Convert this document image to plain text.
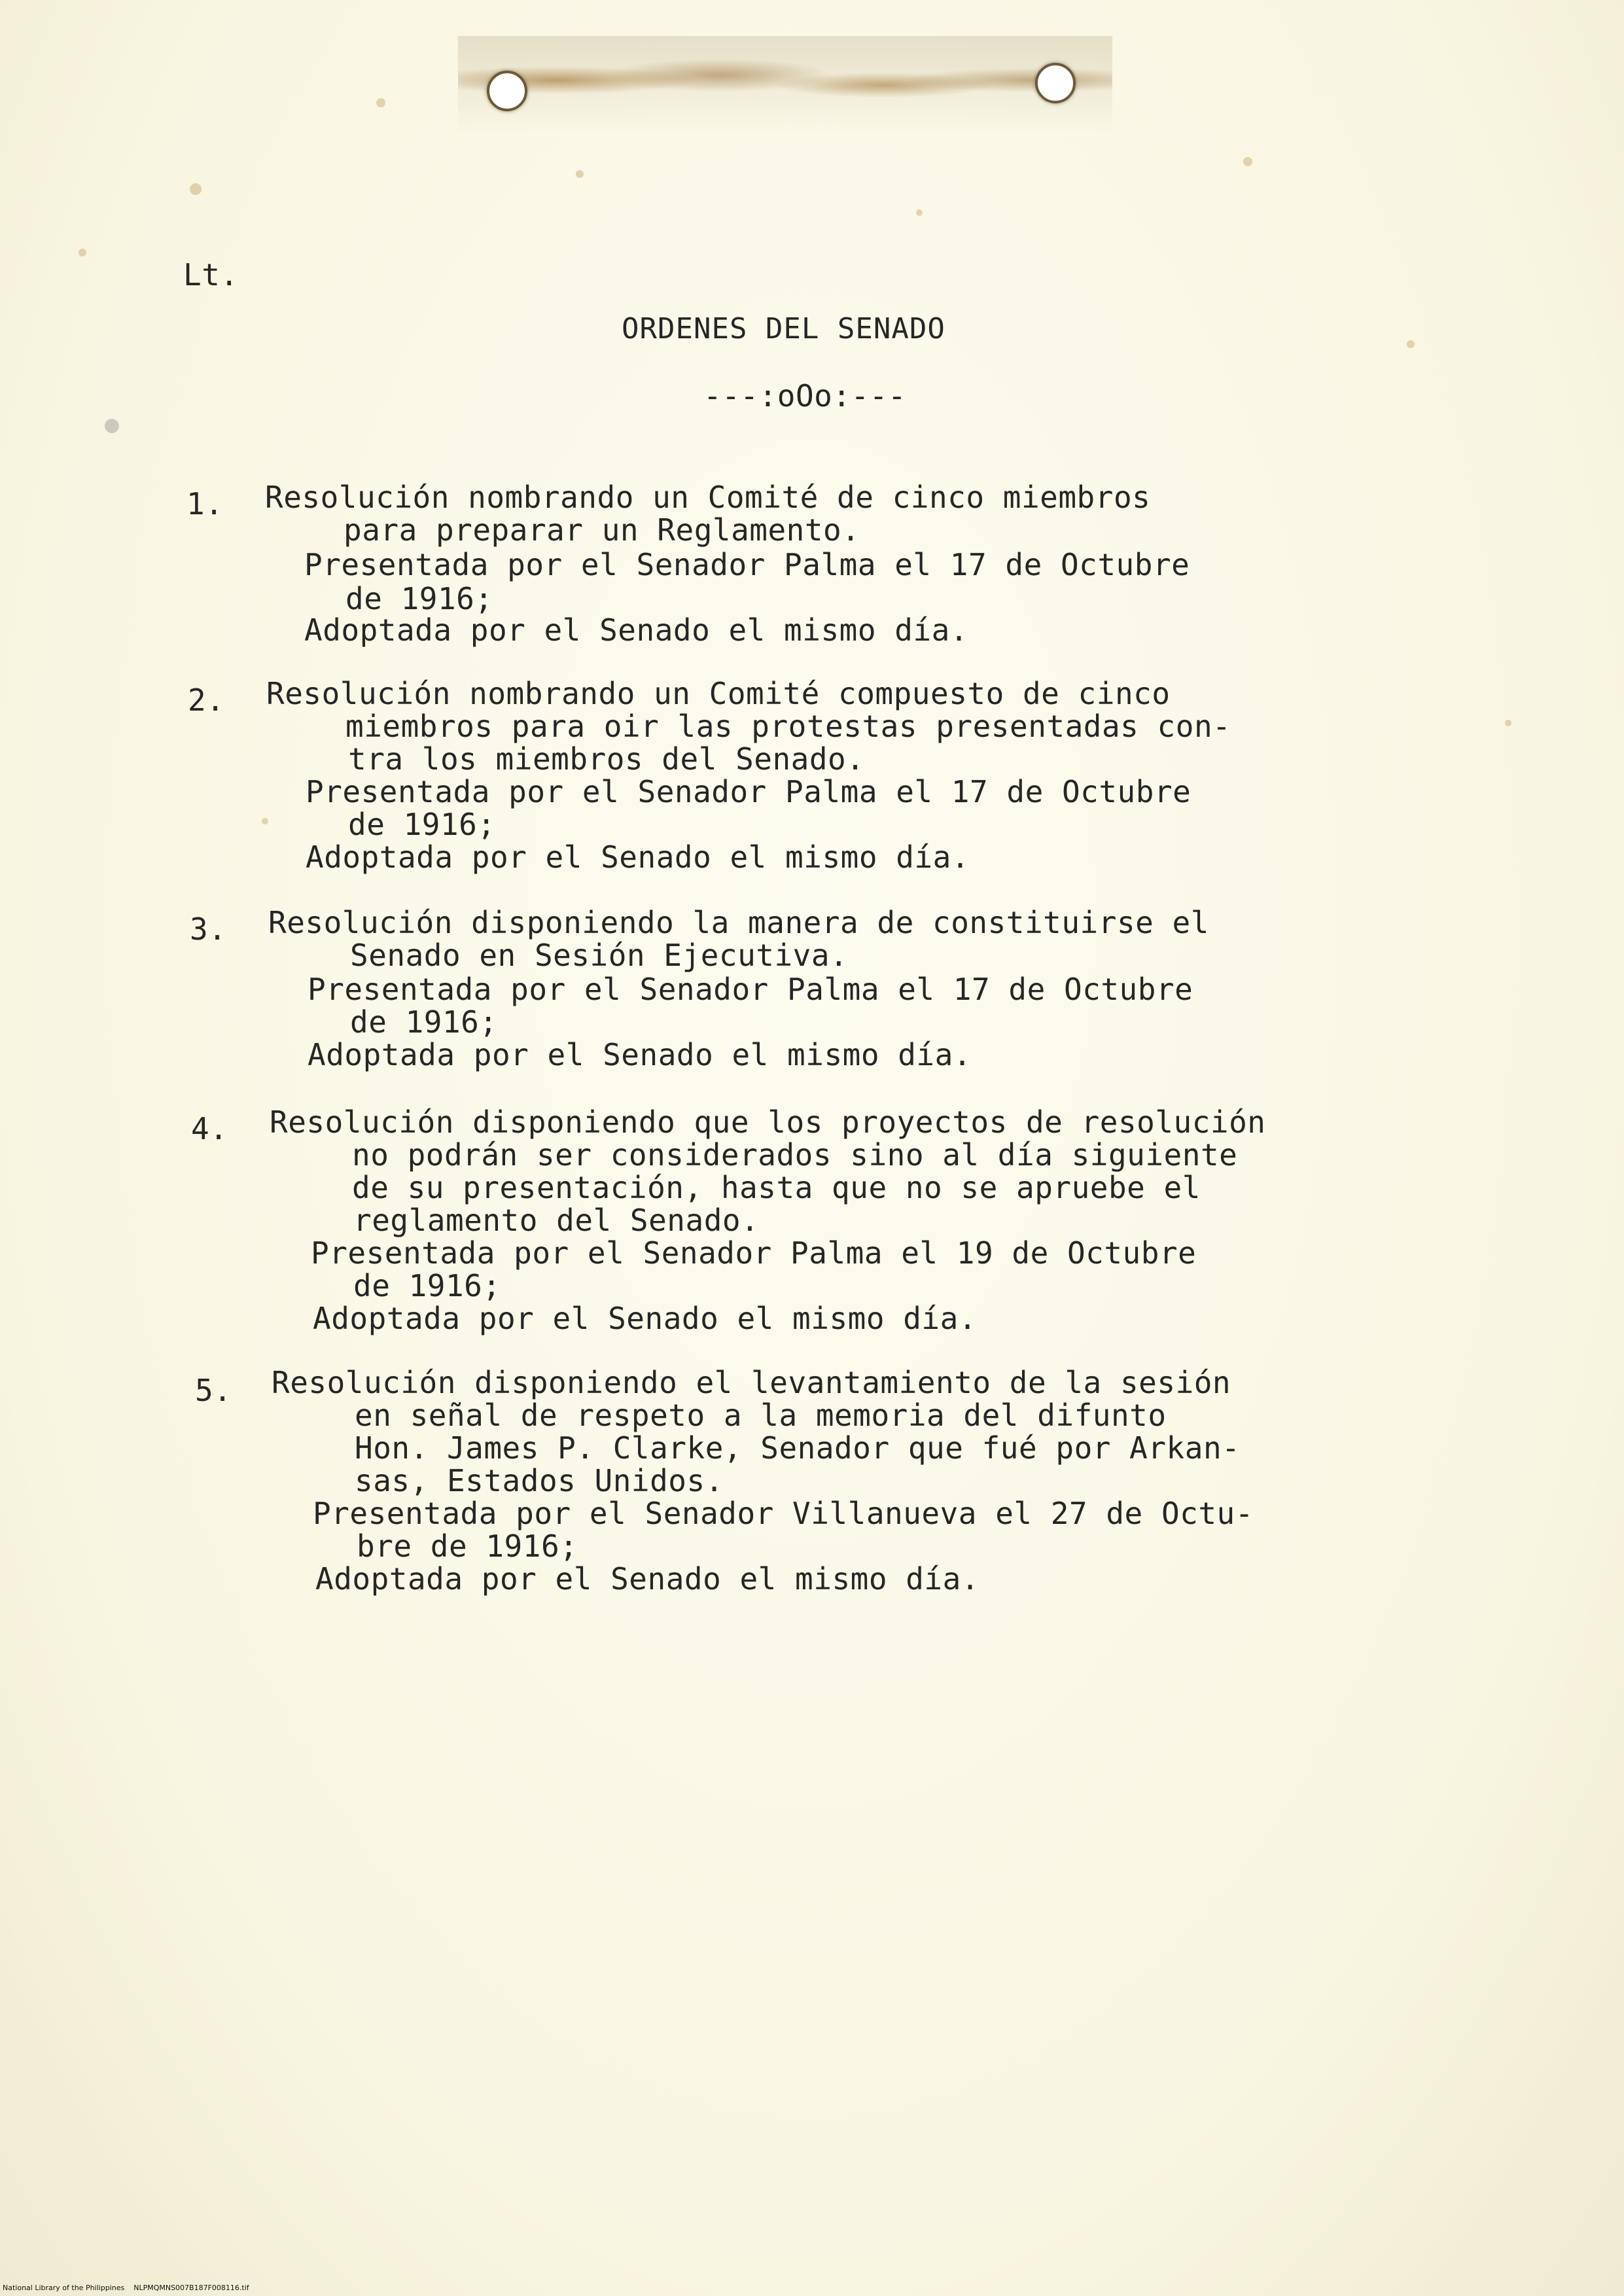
Lt.
ORDENES DEL SENADO
---:oOo:---
1. Resolución nombrando un Comité de cinco miembros
para preparar un Reglamento.
Presentada por el Senador Palma el 17 de Octubre
de 1916;
Adoptada por el Senado el mismo día.
2. Resolución nombrando un Comité compuesto de cinco
miembros para oir las protestas presentadas con-
tra los miembros del Senado.
Presentada por el Senador Palma el 17 de Octubre
de 1916;
Adoptada por el Senado el mismo día.
3. Resolución disponiendo la manera de constituirse el
Senado en Sesión Ejecutiva.
Presentada por el Senador Palma el 17 de Octubre
de 1916;
Adoptada por el Senado el mismo día.
4. Resolución disponiendo que los proyectos de resolución
no podrán ser considerados sino al día siguiente
de su presentación, hasta que no se apruebe el
reglamento del Senado.
Presentada por el Senador Palma el 19 de Octubre
de 1916;
Adoptada por el Senado el mismo día.
5. Resolución disponiendo el levantamiento de la sesión
en señal de respeto a la memoria del difunto
Hon. James P. Clarke, Senador que fué por Arkan-
sas, Estados Unidos.
Presentada por el Senador Villanueva el 27 de Octu-
bre de 1916;
Adoptada por el Senado el mismo día.
National Library of the Philippines NLPMQMNS007B187F008116.tif
